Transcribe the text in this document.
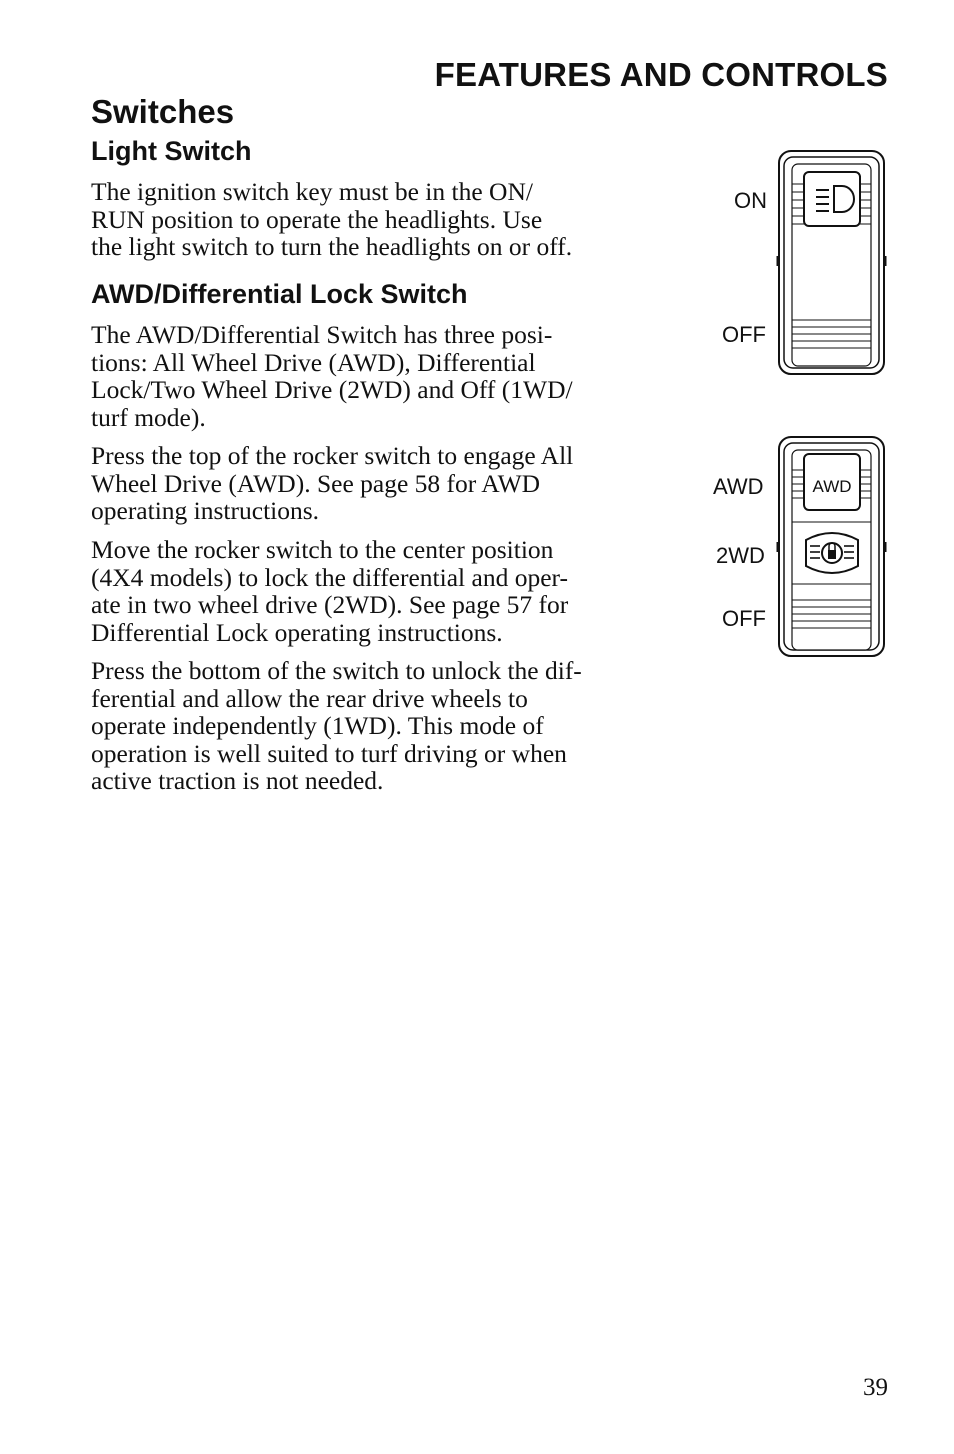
FEATURES AND CONTROLS
Switches
Light Switch
The ignition switch key must be in the ON/
RUN position to operate the headlights. Use
the light switch to turn the headlights on or off.
AWD/Differential Lock Switch
The AWD/Differential Switch has three posi-
tions: All Wheel Drive (AWD), Differential
Lock/Two Wheel Drive (2WD) and Off (1WD/
turf mode).
Press the top of the rocker switch to engage All
Wheel Drive (AWD). See page 58 for AWD
operating instructions.
Move the rocker switch to the center position
(4X4 models) to lock the differential and oper-
ate in two wheel drive (2WD). See page 57 for
Differential Lock operating instructions.
Press the bottom of the switch to unlock the dif-
ferential and allow the rear drive wheels to
operate independently (1WD). This mode of
operation is well suited to turf driving or when
active traction is not needed.
ON
OFF
AWD
2WD
OFF
AWD
39
